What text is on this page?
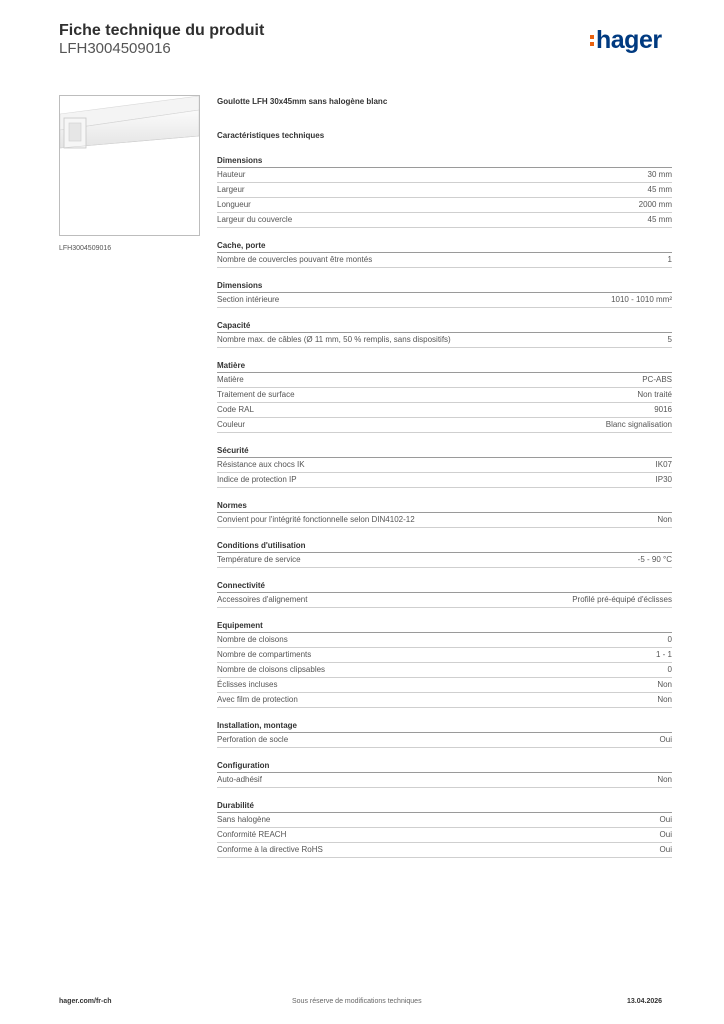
Fiche technique du produit
LFH3004509016	hager
LFH3004509016
Goulotte LFH 30x45mm sans halogène blanc
Caractéristiques techniques
Dimensions
Hauteur	30 mm
Largeur	45 mm
Longueur	2000 mm
Largeur du couvercle	45 mm
Cache, porte
Nombre de couvercles pouvant être montés	1
Dimensions
Section intérieure	1010 - 1010 mm²
Capacité
Nombre max. de câbles (Ø 11 mm, 50 % remplis, sans dispositifs)	5
Matière
Matière	PC-ABS
Traitement de surface	Non traité
Code RAL	9016
Couleur	Blanc signalisation
Sécurité
Résistance aux chocs IK	IK07
Indice de protection IP	IP30
Normes
Convient pour l'intégrité fonctionnelle selon DIN4102-12	Non
Conditions d'utilisation
Température de service	-5 - 90 °C
Connectivité
Accessoires d'alignement	Profilé pré-équipé d'éclisses
Equipement
Nombre de cloisons	0
Nombre de compartiments	1 - 1
Nombre de cloisons clipsables	0
Éclisses incluses	Non
Avec film de protection	Non
Installation, montage
Perforation de socle	Oui
Configuration
Auto-adhésif	Non
Durabilité
Sans halogène	Oui
Conformité REACH	Oui
Conforme à la directive RoHS	Oui
hager.com/fr-ch	Sous réserve de modifications techniques	13.04.2026
